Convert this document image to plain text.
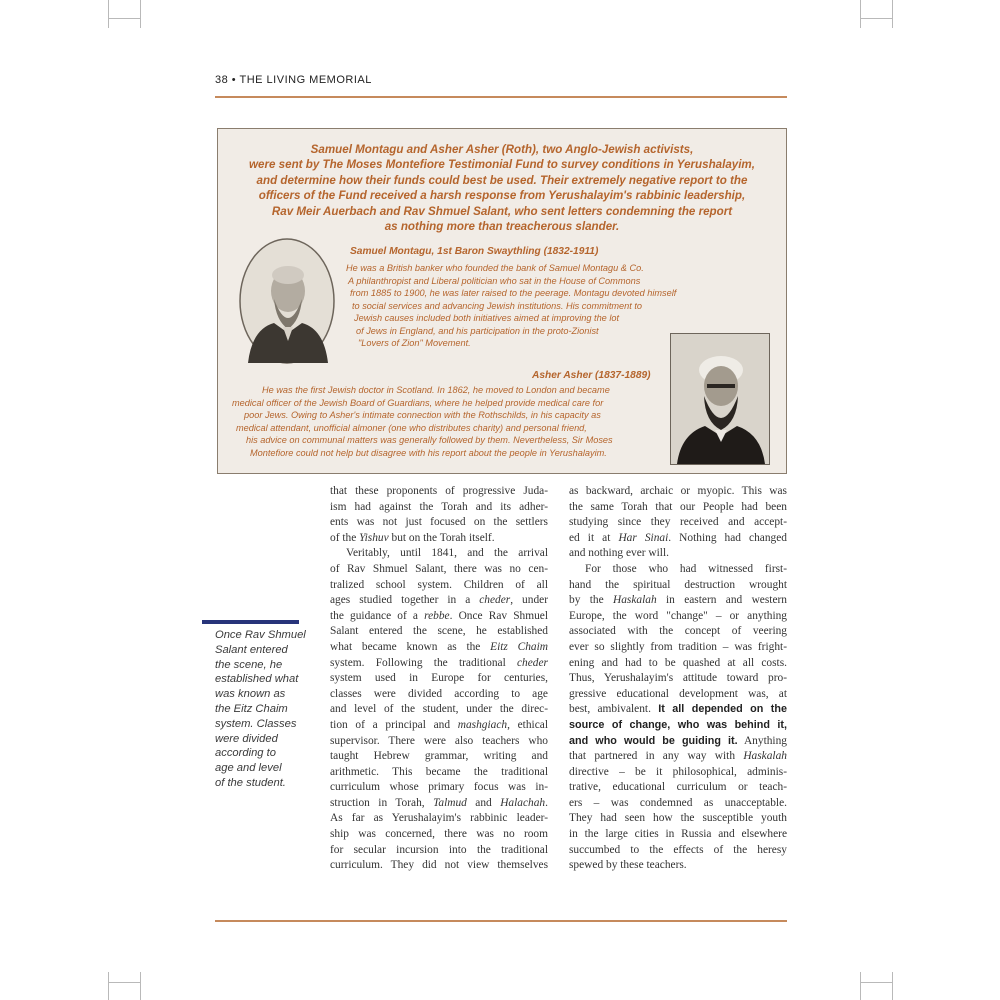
38 • THE LIVING MEMORIAL
Samuel Montagu and Asher Asher (Roth), two Anglo-Jewish activists,
were sent by The Moses Montefiore Testimonial Fund to survey conditions in Yerushalayim,
and determine how their funds could best be used. Their extremely negative report to the
officers of the Fund received a harsh response from Yerushalayim's rabbinic leadership,
Rav Meir Auerbach and Rav Shmuel Salant, who sent letters condemning the report
as nothing more than treacherous slander.
Samuel Montagu, 1st Baron Swaythling (1832-1911)
He was a British banker who founded the bank of Samuel Montagu & Co.
A philanthropist and Liberal politician who sat in the House of Commons
from 1885 to 1900, he was later raised to the peerage. Montagu devoted himself
to social services and advancing Jewish institutions. His commitment to
Jewish causes included both initiatives aimed at improving the lot
of Jews in England, and his participation in the proto-Zionist
"Lovers of Zion" Movement.
Asher Asher (1837-1889)
He was the first Jewish doctor in Scotland. In 1862, he moved to London and became
medical officer of the Jewish Board of Guardians, where he helped provide medical care for
poor Jews. Owing to Asher's intimate connection with the Rothschilds, in his capacity as
medical attendant, unofficial almoner (one who distributes charity) and personal friend,
his advice on communal matters was generally followed by them. Nevertheless, Sir Moses
Montefiore could not help but disagree with his report about the people in Yerushalayim.
Once Rav Shmuel
Salant entered
the scene, he
established what
was known as
the Eitz Chaim
system. Classes
were divided
according to
age and level
of the student.
that these proponents of progressive Juda-
ism had against the Torah and its adher-
ents was not just focused on the settlers
of the Yishuv but on the Torah itself.
Veritably, until 1841, and the arrival
of Rav Shmuel Salant, there was no cen-
tralized school system. Children of all
ages studied together in a cheder, under
the guidance of a rebbe. Once Rav Shmuel
Salant entered the scene, he established
what became known as the Eitz Chaim
system. Following the traditional cheder
system used in Europe for centuries,
classes were divided according to age
and level of the student, under the direc-
tion of a principal and mashgiach, ethical
supervisor. There were also teachers who
taught Hebrew grammar, writing and
arithmetic. This became the traditional
curriculum whose primary focus was in-
struction in Torah, Talmud and Halachah.
As far as Yerushalayim's rabbinic leader-
ship was concerned, there was no room
for secular incursion into the traditional
curriculum. They did not view themselves
as backward, archaic or myopic. This was
the same Torah that our People had been
studying since they received and accept-
ed it at Har Sinai. Nothing had changed
and nothing ever will.
For those who had witnessed first-
hand the spiritual destruction wrought
by the Haskalah in eastern and western
Europe, the word "change" – or anything
associated with the concept of veering
ever so slightly from tradition – was fright-
ening and had to be quashed at all costs.
Thus, Yerushalayim's attitude toward pro-
gressive educational development was, at
best, ambivalent. It all depended on the
source of change, who was behind it,
and who would be guiding it. Anything
that partnered in any way with Haskalah
directive – be it philosophical, adminis-
trative, educational curriculum or teach-
ers – was condemned as unacceptable.
They had seen how the susceptible youth
in the large cities in Russia and elsewhere
succumbed to the effects of the heresy
spewed by these teachers.
